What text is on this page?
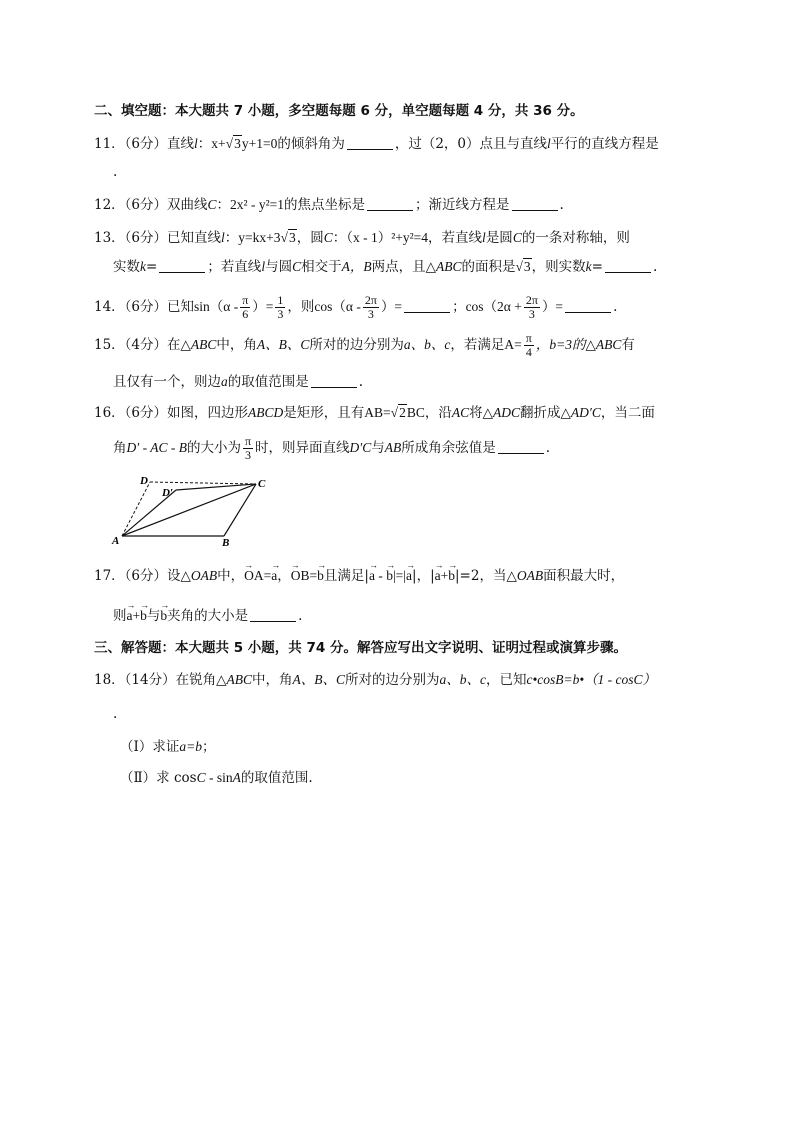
二、填空题：本大题共 7 小题，多空题每题 6 分，单空题每题 4 分，共 36 分。
11．（6分）直线l：x+√3y+1=0的倾斜角为	，过（2，0）点且与直线l平行的直线方程是
.
12．（6分）双曲线C：2x² - y²=1的焦点坐标是	；渐近线方程是	.
13．（6分）已知直线l：y=kx+3√3，圆C：（x - 1）²+y²=4，若直线l是圆C的一条对称轴，则
实数k=	；若直线l与圆C相交于A，B两点，且△ABC的面积是√3，则实数k=	.
14．（6分）已知$\sin(\alpha - \frac{\pi}{6}$ ）= $\frac{1}{3}$ ，则$\cos(\alpha - \frac{2\pi}{3}$ ）=	；$\cos(2\alpha + \frac{2\pi}{3}$ ）=	.
15．（4分）在△ABC中，角A、B、C所对的边分别为a、b、c，若满足$A= \frac{\pi}{4}$ ，b=3的△ABC有
且仅有一个，则边a的取值范围是	.
16．（6分）如图，四边形ABCD是矩形，且有AB=√2BC，沿AC将△ADC翻折成△AD′C，当二面
角D′ - AC - B的大小为 $\frac{\pi}{3}$ 时，则异面直线D′C与AB所成角余弦值是	.
D
D′
C
A	B
17．（6分）设△OAB中，→ OA=→ a，→ OB=→ b且满足|→ a - → b|=|→ a|，|→ a+→ b|=2，当△OAB面积最大时，
则→ a+→ b与→ b夹角的大小是	.
三、解答题：本大题共 5 小题，共 74 分。解答应写出文字说明、证明过程或演算步骤。
18．（14分）在锐角△ABC中，角A、B、C所对的边分别为a、b、c，已知c•cosB=b•（1 - cosC）
.
（Ⅰ）求证a=b；
（Ⅱ）求 cosC - sinA的取值范围.
